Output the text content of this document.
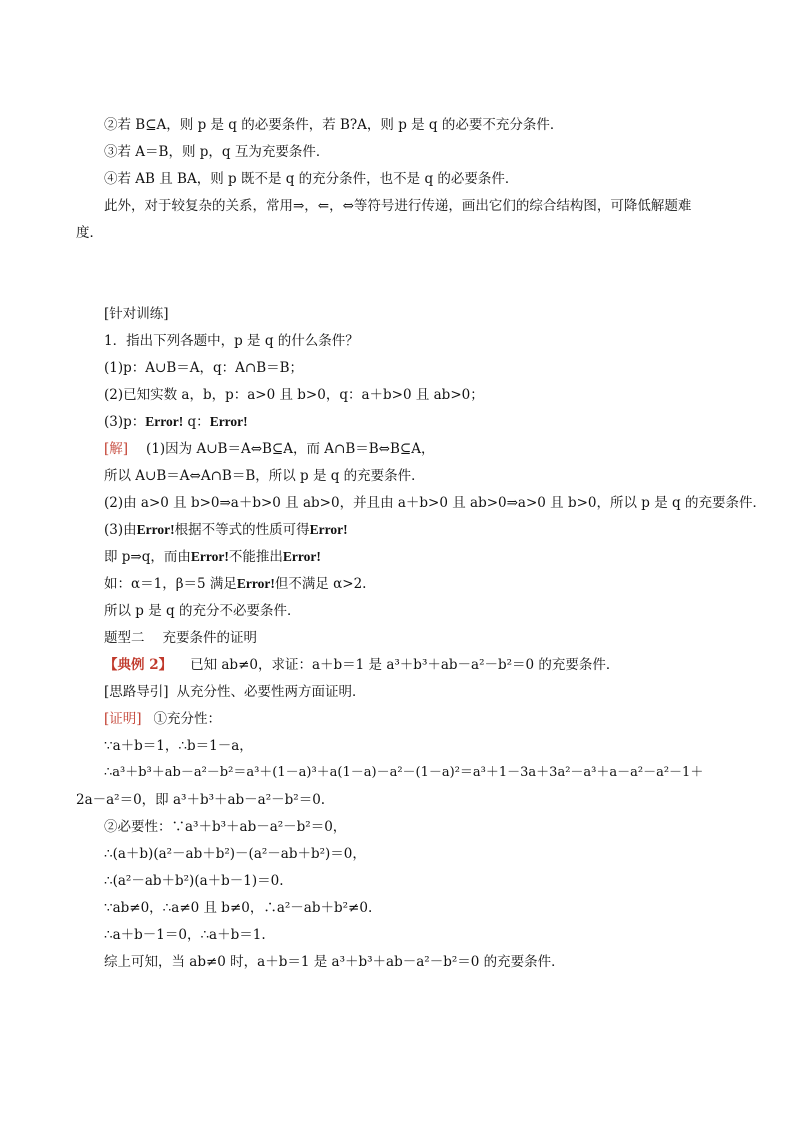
②若 B⊆A，则 p 是 q 的必要条件，若 B?A，则 p 是 q 的必要不充分条件．
③若 A＝B，则 p，q 互为充要条件．
④若 AB 且 BA，则 p 既不是 q 的充分条件，也不是 q 的必要条件．
此外，对于较复杂的关系，常用⇒，⇐，⇔等符号进行传递，画出它们的综合结构图，可降低解题难
度．
[针对训练]
1．指出下列各题中，p 是 q 的什么条件？
(1)p：A∪B＝A，q：A∩B＝B；
(2)已知实数 a，b，p：a>0 且 b>0，q：a＋b>0 且 ab>0；
(3)p：Error! q：Error!
[解] (1)因为 A∪B＝A⇔B⊆A，而 A∩B＝B⇔B⊆A，
所以 A∪B＝A⇔A∩B＝B，所以 p 是 q 的充要条件．
(2)由 a>0 且 b>0⇒a＋b>0 且 ab>0，并且由 a＋b>0 且 ab>0⇒a>0 且 b>0，所以 p 是 q 的充要条件．
(3)由Error!根据不等式的性质可得Error!
即 p⇒q，而由Error!不能推出Error!
如：α＝1，β＝5 满足Error!但不满足 α>2.
所以 p 是 q 的充分不必要条件．
题型二 充要条件的证明
【典例 2】 已知 ab≠0，求证：a＋b＝1 是 a³＋b³＋ab－a²－b²＝0 的充要条件．
[思路导引] 从充分性、必要性两方面证明．
[证明] ①充分性：
∵a＋b＝1，∴b＝1－a，
∴a³＋b³＋ab－a²－b²＝a³＋(1－a)³＋a(1－a)－a²－(1－a)²＝a³＋1－3a＋3a²－a³＋a－a²－a²－1＋
2a－a²＝0，即 a³＋b³＋ab－a²－b²＝0.
②必要性：∵a³＋b³＋ab－a²－b²＝0，
∴(a＋b)(a²－ab＋b²)－(a²－ab＋b²)＝0，
∴(a²－ab＋b²)(a＋b－1)＝0.
∵ab≠0，∴a≠0 且 b≠0，∴a²－ab＋b²≠0.
∴a＋b－1＝0，∴a＋b＝1.
综上可知，当 ab≠0 时，a＋b＝1 是 a³＋b³＋ab－a²－b²＝0 的充要条件．
